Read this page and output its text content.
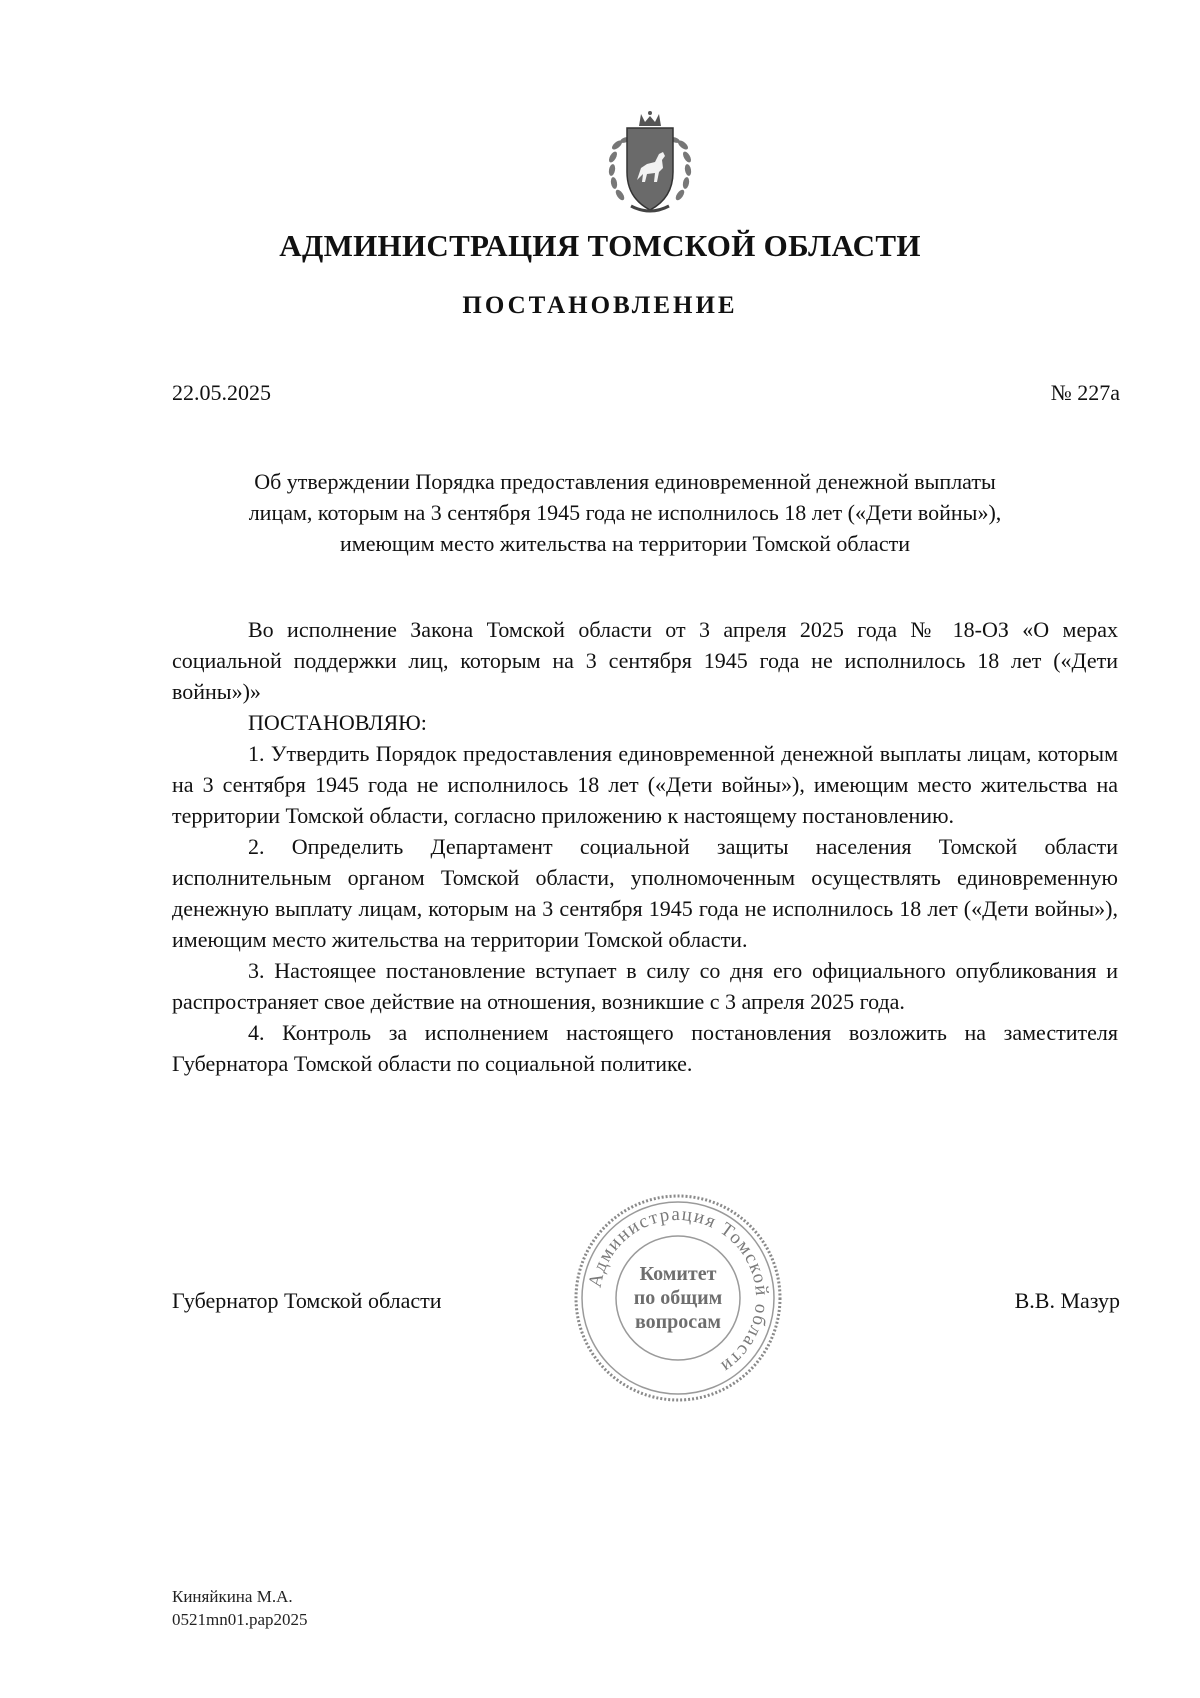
АДМИНИСТРАЦИЯ ТОМСКОЙ ОБЛАСТИ
ПОСТАНОВЛЕНИЕ
22.05.2025	№ 227а
Об утверждении Порядка предоставления единовременной денежной выплаты
лицам, которым на 3 сентября 1945 года не исполнилось 18 лет («Дети войны»),
имеющим место жительства на территории Томской области

Во исполнение Закона Томской области от 3 апреля 2025 года № 18-ОЗ «О мерах социальной поддержки лиц, которым на 3 сентября 1945 года не исполнилось 18 лет («Дети войны»)»

ПОСТАНОВЛЯЮ:

1. Утвердить Порядок предоставления единовременной денежной выплаты лицам, которым на 3 сентября 1945 года не исполнилось 18 лет («Дети войны»), имеющим место жительства на территории Томской области, согласно приложению к настоящему постановлению.

2. Определить Департамент социальной защиты населения Томской области исполнительным органом Томской области, уполномоченным осуществлять единовременную денежную выплату лицам, которым на 3 сентября 1945 года не исполнилось 18 лет («Дети войны»), имеющим место жительства на территории Томской области.

3. Настоящее постановление вступает в силу со дня его официального опубликования и распространяет свое действие на отношения, возникшие с 3 апреля 2025 года.

4. Контроль за исполнением настоящего постановления возложить на заместителя Губернатора Томской области по социальной политике.

Губернатор Томской области
Администрация Томской области
Комитет
по общим
вопросам
В.В. Мазур
Киняйкина М.А.
0521mn01.pap2025
